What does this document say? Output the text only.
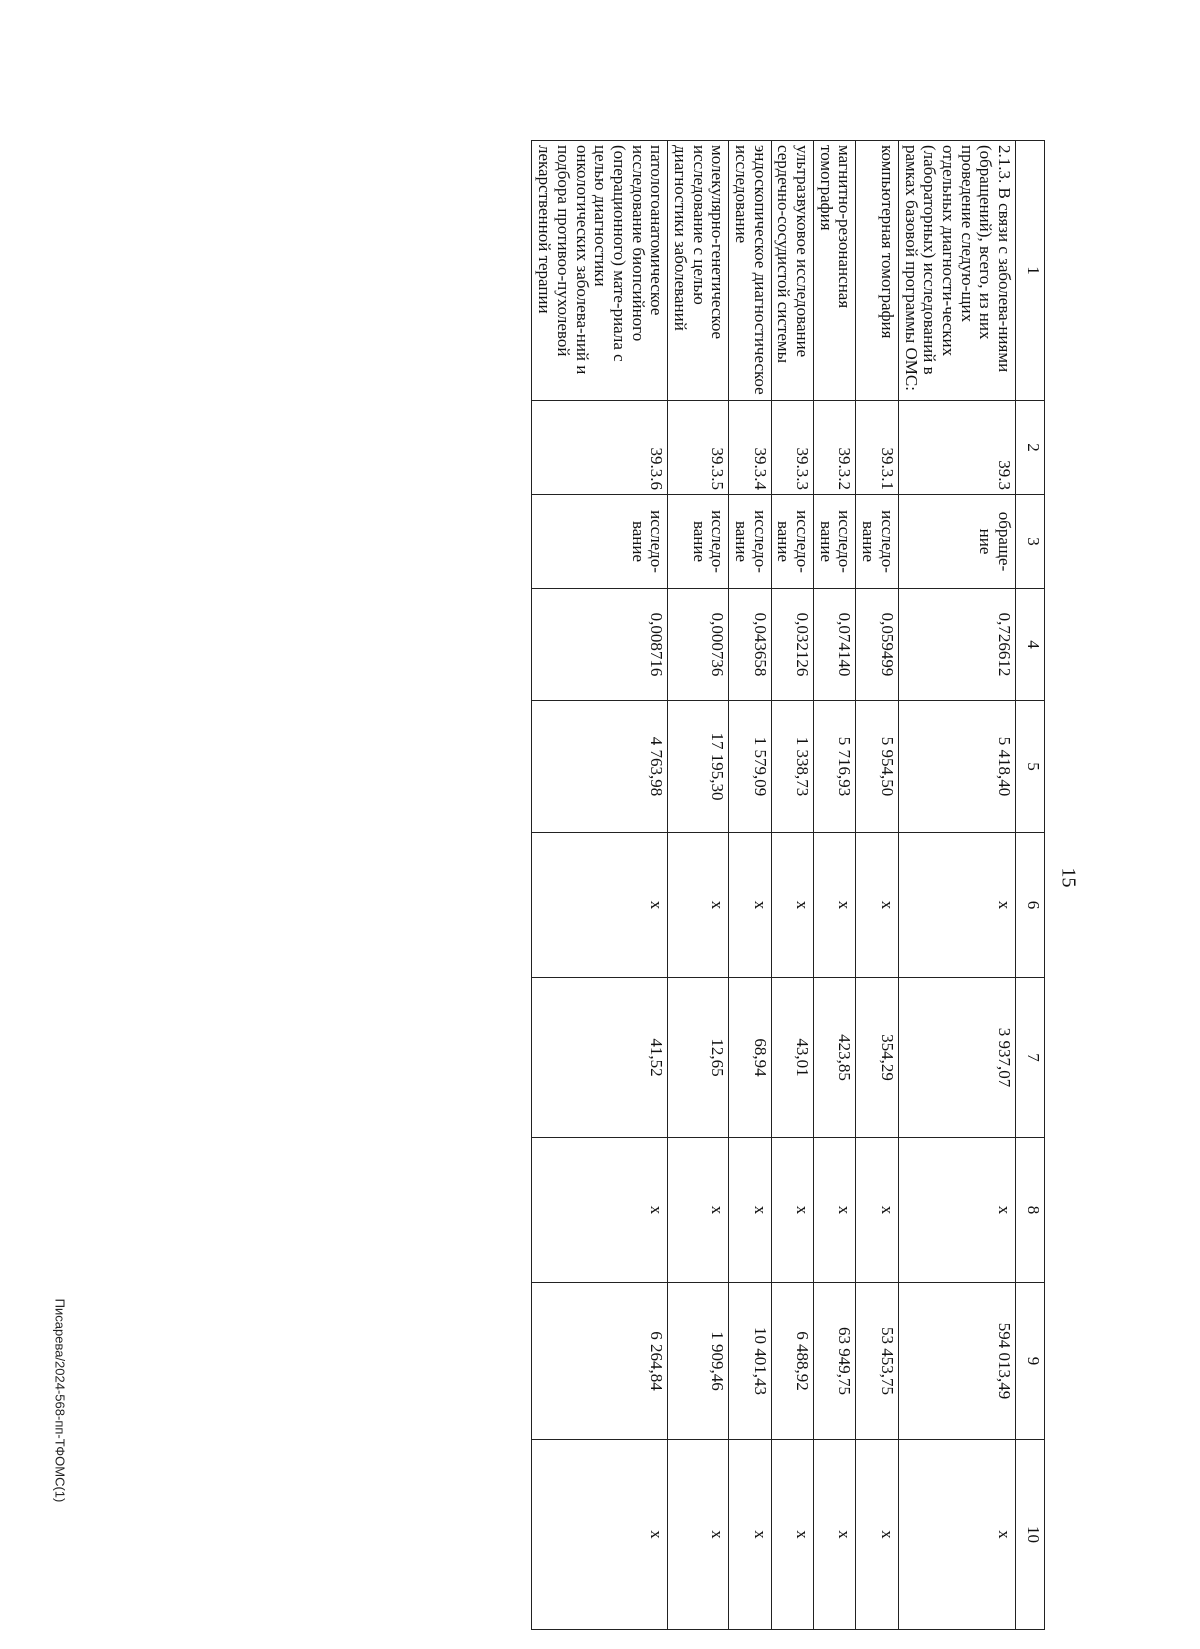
15
Писарева/2024-568-пп-ТФОМС(1)
1	2	3	4	5	6	7	8	9	10
2.1.3. В связи с заболева-ниями (обращений), всего, из них проведение следую-щих отдельных диагности-ческих (лабораторных) исследований в рамках базовой программы ОМС:	39.3	обраще-ние	0,726612	5 418,40	х	3 937,07	х	594 013,49	х
компьютерная томография	39.3.1	исследо-вание	0,059499	5 954,50	х	354,29	х	53 453,75	х
магнитно-резонансная томография	39.3.2	исследо-вание	0,074140	5 716,93	х	423,85	х	63 949,75	х
ультразвуковое исследование сердечно-сосудистой системы	39.3.3	исследо-вание	0,032126	1 338,73	х	43,01	х	6 488,92	х
эндоскопическое диагностическое исследование	39.3.4	исследо-вание	0,043658	1 579,09	х	68,94	х	10 401,43	х
молекулярно-генетическое исследование с целью диагностики заболеваний	39.3.5	исследо-вание	0,000736	17 195,30	х	12,65	х	1 909,46	х
патологоанатомическое исследование биопсийного (операционного) мате-риала с целью диагностики онкологических заболева-ний и подбора противоо-пухолевой лекарственной терапии	39.3.6	исследо-вание	0,008716	4 763,98	х	41,52	х	6 264,84	х
